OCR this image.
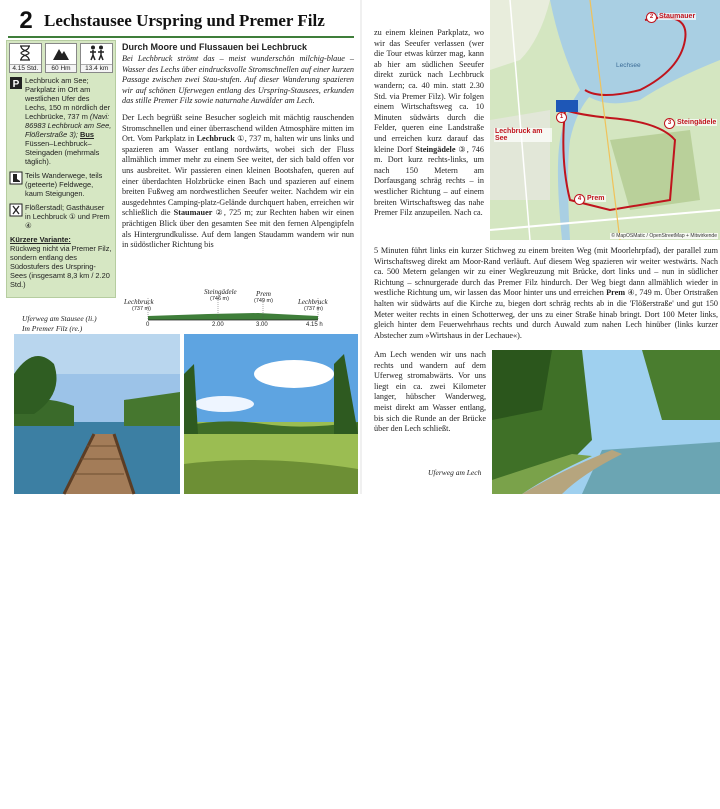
2 Lechstausee Urspring und Premer Filz
4.15 Std.	60 Hm	13.4 km
P Lechbruck am See; Parkplatz im Ort am westlichen Ufer des Lechs, 150 m nördlich der Lechbrücke, 737 m (Navi: 86983 Lechbruck am See, Flößerstraße 3); Bus Füssen–Lechbruck–Steingaden (mehrmals täglich).

Teils Wanderwege, teils (geteerte) Feldwege, kaum Steigungen.

Flößerstadl; Gasthäuser in Lechbruck ① und Prem ④

Kürzere Variante:

Rückweg nicht via Premer Filz, sondern entlang des Südostufers des Urspring-Sees (insgesamt 8,3 km / 2.20 Std.)

Durch Moore und Flussauen bei Lechbruck

Bei Lechbruck strömt das – meist wunderschön milchig-blaue – Wasser des Lechs über eindrucksvolle Stromschnellen auf einer kurzen Passage zwischen zwei Stau-stufen. Auf dieser Wanderung spazieren wir auf schönen Uferwegen entlang des Urspring-Stausees, erkunden das stille Premer Filz sowie naturnahe Auwälder am Lech.

Der Lech begrüßt seine Besucher sogleich mit mächtig rauschenden Stromschnellen und einer überraschend wilden Atmosphäre mitten im Ort. Vom Parkplatz in Lechbruck ①, 737 m, halten wir uns links und spazieren am Wasser entlang nordwärts, wobei sich der Fluss allmählich immer mehr zu einem See weitet, der sich bald offen vor uns ausbreitet. Wir passieren einen kleinen Bootshafen, queren auf einer überdachten Holzbrücke einen Bach und spazieren auf einem breiten Fußweg am nordwestlichen Seeufer weiter. Nachdem wir ein ausgedehntes Camping-platz-Gelände durchquert haben, erreichen wir schließlich die Staumauer ②, 725 m; zur Rechten haben wir einen prächtigen Blick über den gesamten See mit den fernen Alpengipfeln als Hintergrundkulisse. Auf dem langen Staudamm wandern wir nun in südöstlicher Richtung bis

Lechbruck
(737 m)
Steingädele
(746 m)
Prem
(749 m)	Lechbruck
(737 m)
0	2.00	3.00	4.15 h
Uferweg am Stausee (li.)
Im Premer Filz (re.)
22
zu einem kleinen Parkplatz, wo wir das Seeufer verlassen (wer die Tour etwas kürzer mag, kann ab hier am südlichen Seeufer direkt zurück nach Lechbruck wandern; ca. 40 min. statt 2.30 Std. via Premer Filz). Wir folgen einem Wirtschaftsweg ca. 10 Minuten südwärts durch die Felder, queren eine Landstraße und erreichen kurz darauf das kleine Dorf Steingädele ③, 746 m. Dort kurz rechts-links, um nach 150 Metern am Dorfausgang schräg rechts – in westlicher Richtung – auf einem breiten Wirtschaftsweg das nahe Premer Filz anzupeilen. Nach ca.
2 Staumauer
Lechsee
1
Lechbruck am See
3 Steingädele
4 Prem
© MapOSMatic / OpenStreetMap + Mitwirkende
5 Minuten führt links ein kurzer Stichweg zu einem breiten Weg (mit Moorlehrpfad), der parallel zum Wirtschaftsweg direkt am Moor-Rand verläuft. Auf diesem Weg spazieren wir weiter westwärts. Nach ca. 500 Metern gelangen wir zu einer Wegkreuzung mit Brücke, dort links und – nun in südlicher Richtung – schnurgerade durch das Premer Filz hindurch. Der Weg biegt dann allmählich wieder in westliche Richtung um, wir lassen das Moor hinter uns und erreichen Prem ④, 749 m. Über Ortstraßen halten wir südwärts auf die Kirche zu, biegen dort schräg rechts ab in die 'Flößerstraße' und gut 150 Meter weiter rechts in einen Schotterweg, der uns zu einer Straße hinab bringt. Dort 100 Meter links, gleich hinter dem Feuerwehrhaus rechts und durch Auwald zum nahen Lech hinüber (links kurzer Abstecher zum »Wirtshaus in der Lechaue«).
Am Lech wenden wir uns nach rechts und wandern auf dem Uferweg stromabwärts. Vor uns liegt ein ca. zwei Kilometer langer, hübscher Wanderweg, meist direkt am Wasser entlang, bis sich die Runde an der Brücke über den Lech schließt.
Uferweg am Lech
